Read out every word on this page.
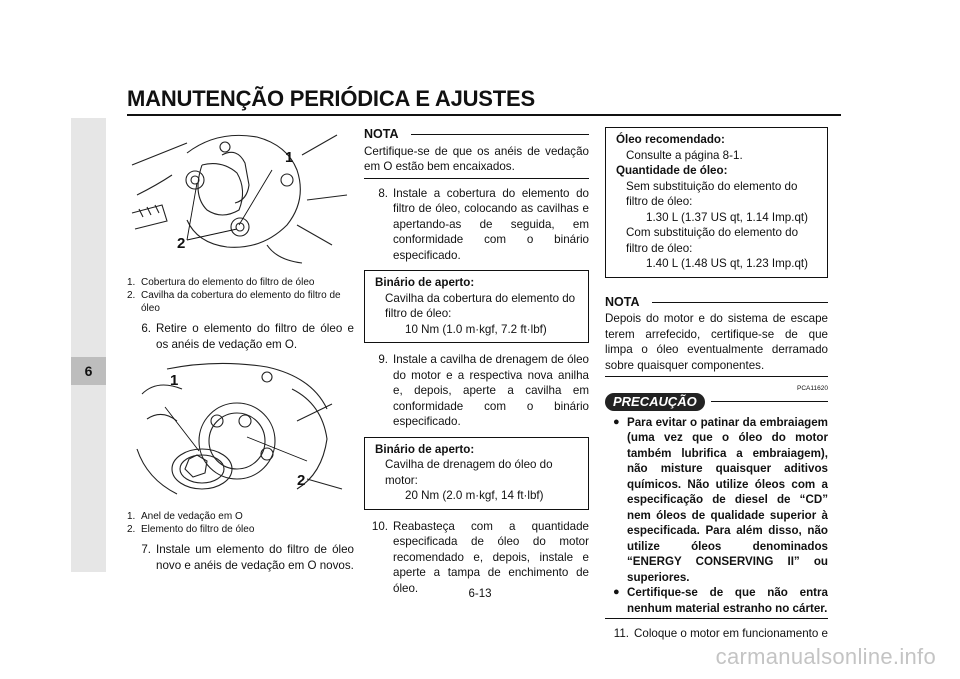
MANUTENÇÃO PERIÓDICA E AJUSTES
6
1
2
1. Cobertura do elemento do filtro de óleo
2. Cavilha da cobertura do elemento do filtro de óleo
6. Retire o elemento do filtro de óleo e os anéis de vedação em O.
1
2
1. Anel de vedação em O
2. Elemento do filtro de óleo
7. Instale um elemento do filtro de óleo novo e anéis de vedação em O novos.
NOTA
Certifique-se de que os anéis de vedação em O estão bem encaixados.
8. Instale a cobertura do elemento do filtro de óleo, colocando as cavilhas e apertando-as de seguida, em conformidade com o binário especificado.
Binário de aperto:
Cavilha da cobertura do elemento do filtro de óleo:
10 Nm (1.0 m·kgf, 7.2 ft·lbf)
9. Instale a cavilha de drenagem de óleo do motor e a respectiva nova anilha e, depois, aperte a cavilha em conformidade com o binário especificado.
Binário de aperto:
Cavilha de drenagem do óleo do motor:
20 Nm (2.0 m·kgf, 14 ft·lbf)
10. Reabasteça com a quantidade especificada de óleo do motor recomendado e, depois, instale e aperte a tampa de enchimento de óleo.
Óleo recomendado:
Consulte a página 8-1.
Quantidade de óleo:
Sem substituição do elemento do filtro de óleo:
1.30 L (1.37 US qt, 1.14 Imp.qt)
Com substituição do elemento do filtro de óleo:
1.40 L (1.48 US qt, 1.23 Imp.qt)
NOTA
Depois do motor e do sistema de escape terem arrefecido, certifique-se de que limpa o óleo eventualmente derramado sobre quaisquer componentes.
PCA11620
PRECAUÇÃO
● Para evitar o patinar da embraiagem (uma vez que o óleo do motor também lubrifica a embraiagem), não misture quaisquer aditivos químicos. Não utilize óleos com a especificação de diesel de “CD” nem óleos de qualidade superior à especificada. Para além disso, não utilize óleos denominados “ENERGY CONSERVING II” ou superiores.
● Certifique-se de que não entra nenhum material estranho no cárter.
11. Coloque o motor em funcionamento e
6-13
carmanualsonline.info
